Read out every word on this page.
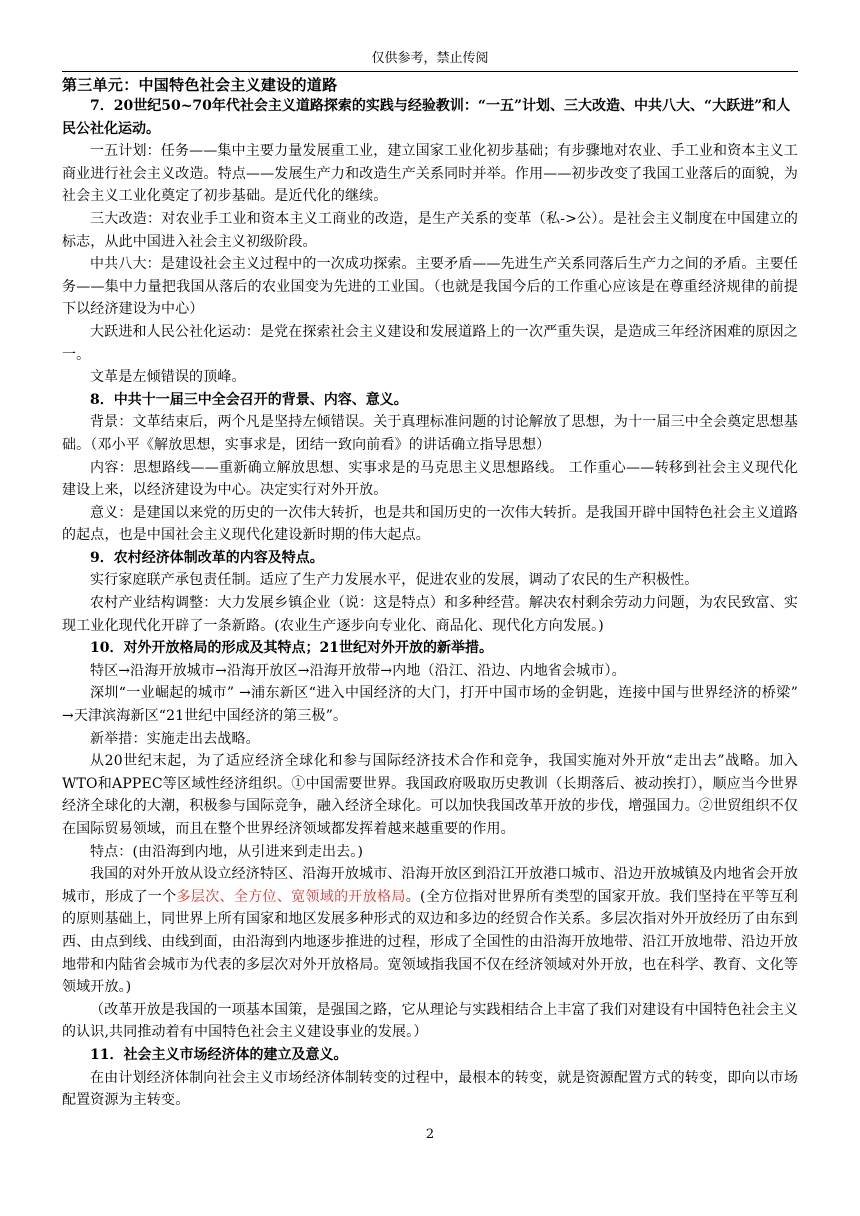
仅供参考，禁止传阅
第三单元：中国特色社会主义建设的道路

7．20世纪50~70年代社会主义道路探索的实践与经验教训：“一五”计划、三大改造、中共八大、“大跃进”和人民公社化运动。

一五计划：任务——集中主要力量发展重工业，建立国家工业化初步基础；有步骤地对农业、手工业和资本主义工商业进行社会主义改造。特点——发展生产力和改造生产关系同时并举。作用——初步改变了我国工业落后的面貌，为社会主义工业化奠定了初步基础。是近代化的继续。

三大改造：对农业手工业和资本主义工商业的改造，是生产关系的变革（私->公）。是社会主义制度在中国建立的标志，从此中国进入社会主义初级阶段。

中共八大：是建设社会主义过程中的一次成功探索。主要矛盾——先进生产关系同落后生产力之间的矛盾。主要任务——集中力量把我国从落后的农业国变为先进的工业国。（也就是我国今后的工作重心应该是在尊重经济规律的前提下以经济建设为中心）

大跃进和人民公社化运动：是党在探索社会主义建设和发展道路上的一次严重失误，是造成三年经济困难的原因之一。

文革是左倾错误的顶峰。

8．中共十一届三中全会召开的背景、内容、意义。

背景：文革结束后，两个凡是坚持左倾错误。关于真理标准问题的讨论解放了思想，为十一届三中全会奠定思想基础。（邓小平《解放思想，实事求是，团结一致向前看》的讲话确立指导思想）

内容：思想路线——重新确立解放思想、实事求是的马克思主义思想路线。 工作重心——转移到社会主义现代化建设上来，以经济建设为中心。决定实行对外开放。

意义：是建国以来党的历史的一次伟大转折，也是共和国历史的一次伟大转折。是我国开辟中国特色社会主义道路的起点，也是中国社会主义现代化建设新时期的伟大起点。

9．农村经济体制改革的内容及特点。

实行家庭联产承包责任制。适应了生产力发展水平，促进农业的发展，调动了农民的生产积极性。

农村产业结构调整：大力发展乡镇企业（说：这是特点）和多种经营。解决农村剩余劳动力问题，为农民致富、实现工业化现代化开辟了一条新路。(农业生产逐步向专业化、商品化、现代化方向发展。)

10．对外开放格局的形成及其特点；21世纪对外开放的新举措。

特区→沿海开放城市→沿海开放区→沿海开放带→内地（沿江、沿边、内地省会城市）。

深圳“一业崛起的城市” →浦东新区“进入中国经济的大门，打开中国市场的金钥匙，连接中国与世界经济的桥梁” →天津滨海新区“21世纪中国经济的第三极”。

新举措：实施走出去战略。

从20世纪末起，为了适应经济全球化和参与国际经济技术合作和竞争，我国实施对外开放“走出去”战略。加入WTO和APPEC等区域性经济组织。①中国需要世界。我国政府吸取历史教训（长期落后、被动挨打），顺应当今世界经济全球化的大潮，积极参与国际竞争，融入经济全球化。可以加快我国改革开放的步伐，增强国力。②世贸组织不仅在国际贸易领域，而且在整个世界经济领域都发挥着越来越重要的作用。

特点：(由沿海到内地，从引进来到走出去。)

我国的对外开放从设立经济特区、沿海开放城市、沿海开放区到沿江开放港口城市、沿边开放城镇及内地省会开放城市，形成了一个多层次、全方位、宽领域的开放格局。(全方位指对世界所有类型的国家开放。我们坚持在平等互利的原则基础上，同世界上所有国家和地区发展多种形式的双边和多边的经贸合作关系。多层次指对外开放经历了由东到西、由点到线、由线到面，由沿海到内地逐步推进的过程，形成了全国性的由沿海开放地带、沿江开放地带、沿边开放地带和内陆省会城市为代表的多层次对外开放格局。宽领域指我国不仅在经济领域对外开放，也在科学、教育、文化等领域开放。)

（改革开放是我国的一项基本国策，是强国之路，它从理论与实践相结合上丰富了我们对建设有中国特色社会主义的认识,共同推动着有中国特色社会主义建设事业的发展。）

11．社会主义市场经济体的建立及意义。

在由计划经济体制向社会主义市场经济体制转变的过程中，最根本的转变，就是资源配置方式的转变，即向以市场配置资源为主转变。

2
